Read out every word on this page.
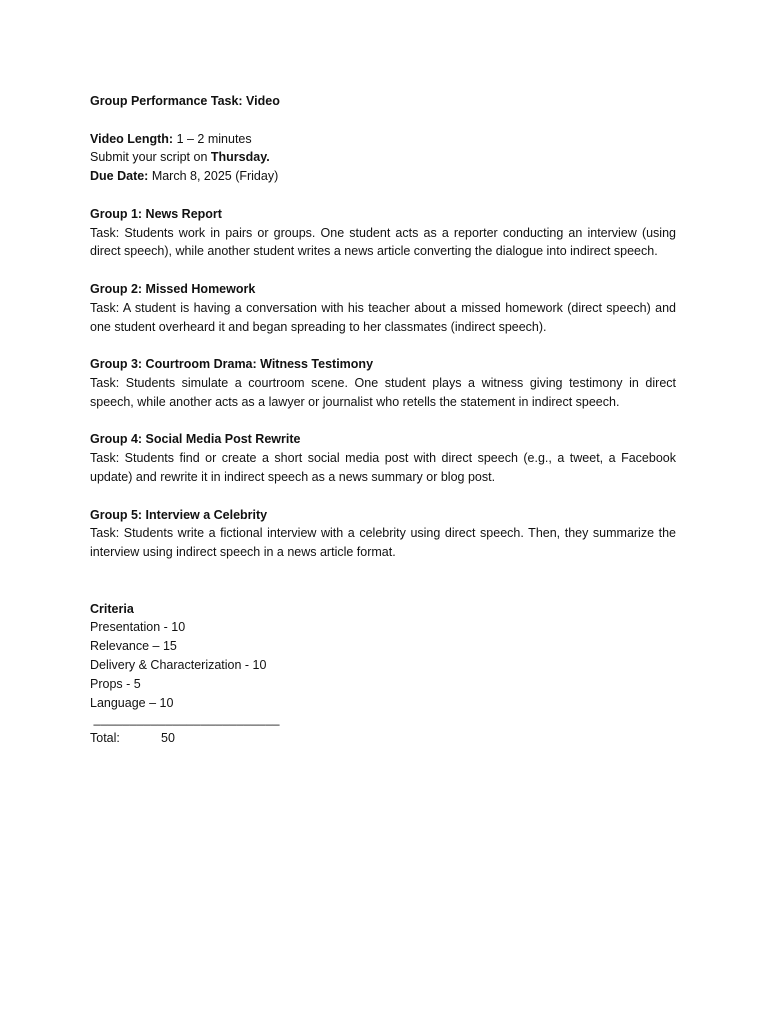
Group Performance Task: Video

Video Length: 1 – 2 minutes

Submit your script on Thursday.

Due Date: March 8, 2025 (Friday)

Group 1: News Report

Task: Students work in pairs or groups. One student acts as a reporter conducting an interview (using direct speech), while another student writes a news article converting the dialogue into indirect speech.

Group 2: Missed Homework

Task: A student is having a conversation with his teacher about a missed homework (direct speech) and one student overheard it and began spreading to her classmates (indirect speech).

Group 3: Courtroom Drama: Witness Testimony

Task: Students simulate a courtroom scene. One student plays a witness giving testimony in direct speech, while another acts as a lawyer or journalist who retells the statement in indirect speech.

Group 4: Social Media Post Rewrite

Task: Students find or create a short social media post with direct speech (e.g., a tweet, a Facebook update) and rewrite it in indirect speech as a news summary or blog post.

Group 5: Interview a Celebrity

Task: Students write a fictional interview with a celebrity using direct speech. Then, they summarize the interview using indirect speech in a news article format.

Criteria

Presentation - 10

Relevance – 15

Delivery & Characterization - 10

Props - 5

Language – 10

__________________________

Total:	50
